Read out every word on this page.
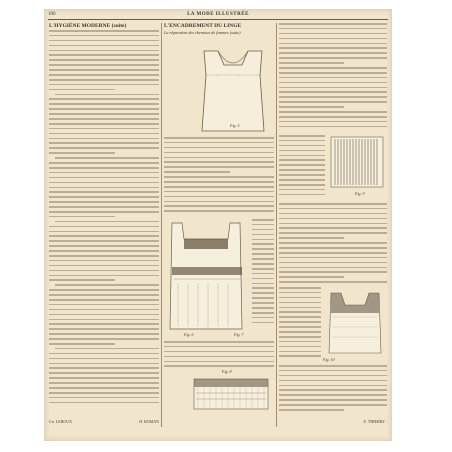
100	LA MODE ILLUSTRÉE
L'HYGIÈNE MODERNE (suite)
Ch. LEROUX	H. ROMAN
L'ENCADREMENT DU LINGE
La réparation des chemises de femmes (suite)
Fig. 5
Fig. 6	Fig. 7
Fig. 8
Fig. 9
Fig. 10
E. THIERRY
